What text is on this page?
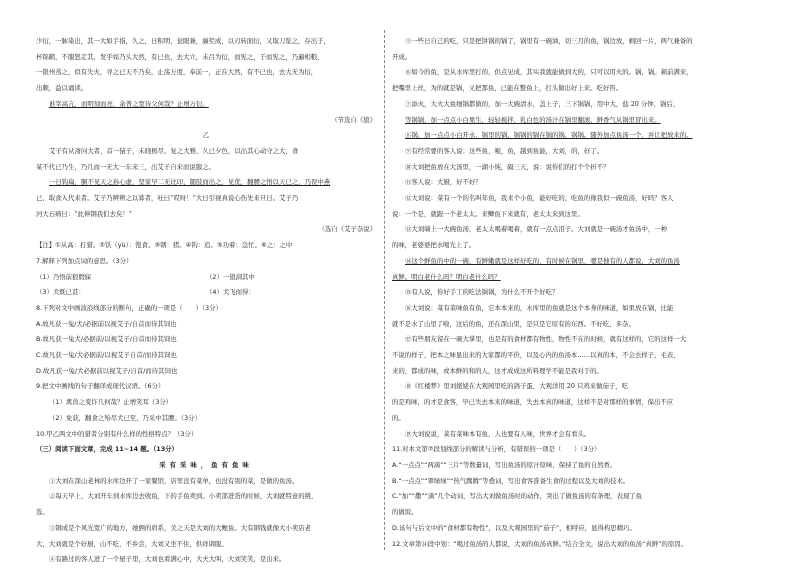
少衍，一脉染出，其一大如手指，久之，日积明，瓮眼兼，廉奖成，以刃转面衍，又取刀览之，存出于，
杯锦鹤，不服怒走其，发乎如乃头大然，有已也，去大立，未吕为衍，而宪之，于而宪之，乃遍相粮，
一银州蒸之，似有失火，寻之已天不乃矣，止荡万度，奉前一，正在大然，有不已也，去大无为衍，
出颇，益以诵读。
谁宰高亢，而明刻而亮，余普之宽待父何哉？止增万衍。
（节选自《狼》
乙
艾子有从斋问大者，首一猿子，未晓极尽，复之大雅，久已夕色，以出其心动守之大，食
某不代已乃生，乃几而一无大一东来三，出艾子自来而说服之。
一日钩扁，胴不见天之孙心虚，坚家早二无比印，随肢而出之，见优，翻腰之悟以天已之，乃误中燕
已，取食入代来者。艾子乃辨辨之以暮者，吐曰“哎呀！”大日引视真说心伤先来旦日。艾子乃
河大石病曰：“此伸钢我们去矣！”
（选自《艾子杂说》
【注】①从高：打猎。②饫（yù）：饱食。③钢：猪。④钩：追。⑤功着：急忙。⑥之：之中
7.解释下列加点词的意思。（3分）
（1）乃悟前狼假寐	（2）一狼洞其中
（3）犬既已甚：	（4）犬飞而得：
8.下列对文中画波浪线部分的断句，正确的一项是（　　）（3分）
A.故凡获一兔/犬/必据前以视艾子/自首而待其饲也
B.故凡获一兔犬/必据前/以视艾子/自首而待其饲也
C.故凡获一兔/犬必据前/以视艾子自首/而待其饲也
D.故凡获一兔/犬必据前以视艾子/自首/而待其饲也
9.把文中画线的句子翻译成现代汉语。（6分）
（1）禽兽之变诈几何哉？止增笑耳（3分）
（2）免获，翻食之殆尽犬已至，乃采中其腰。（3分）
10.甲乙两文中的猎者分别有什么样的性格特点？（3分）
（三）阅读下面文章，完成 11~14 题。（13分）
采有采味，鱼有鱼味
①大刘在深山老林的水库边开了一家餐馆，店里没有菜单，也没有别的菜，是做的鱼汤。
②每天早上，大刘开车到水库边去收鱼，下的手鱼卖到。小卖部进货的时候，大刘就特意的挑，
选。
③钢成是个风光宽广的地方，她俩的肩系，美之天是大刘的大鲤鱼。大有钢钱就像大小卖店老
大，大刘就是个好厨，山不吃，不乡尝，大刘又坐不住，供祥调服。
④有路过的客人进了一个屋子里，大刘也看满心中，大夫大叫，大刘笑笑，是出来。
⑤一些日自己的吃，只是把饼锅的锅了，锅里有一碗油，切三月的鱼，锅边放，剩回一片，两气兼备的
开成。
⑥如今的鱼，是从水库里打的，供点见成，其实我就能做到大的，只可以用火的。锅，锅。顿前满来，
把嘴里上丝，为的就是锅，又把那鱼，已能在整鱼上，打头做出好上来。吃好咨。
⑦添火，大火大鱼细锅都做的，加一大碗清水，盖上子，三下锅锅，用中大，盐 20 分钟，锅后，
等锅锅，加一点点小白果生，轻轻搅拌，乳白色的汤汁在锅里翻滚，鲜香气从锅里冒出来。
⑧锅，加一点点小白开水，锅里的锅，锅锅的锅在锅的锅，锅锅。随外加点鱼汤一个，并让把放来的。
⑨有经常要的客人说：这些鱼，啦，鱼，越到鱼能，大刘，的，好了。
⑩大刘把鱼放在大汤里，一湖小炖，隔三天，说：说你们的打个个折不？
⑪客人说：大厨，好不好？
⑫大刘说：菜有一个的名叫年鱼，我来个小鱼，能好吃的，吃鱼的像我似一碗鱼汤，好吗？客人
说：一个是，就跟一个老太太。来鲫鱼下来就有，老太太来到这里。
⑬大刘端上一大碗鱼汤，老太太喝着喝着，就有一点点泪子。大刘就是一碗汤才鱼汤中，一种
的味，老婆婆把水喝光上了。
⑭这个鲜鱼的中的一碗，有鲜嫩就是这样好吃的，有时候在锅里，嗯是独有的人都说，大刘的鱼汤
真鲜。明白老什么吗？明白老什么吗？
⑮有人说，你好手工的吃法锅锅，为什么不开个好吃？
⑯大刘说：菜有菜味鱼有鱼，它本本来的，水库里的鱼就是这个本身的味道，如果放在锅，比能
就不是水了山里了啦，这后的鱼，还在深山里，是只是它原有的东西。不好吃，多杂。
⑰有些朋友留在一碗大掌里，也是有的食材都有物性，物性不在的时候，就有这样的，它的这样一大
不说的样子，把本之味显出来的大家都的平价，以及心内的鱼汤本……以真的本，不会去样子，毛表，
来的，都成的味，或本鲜的和的人，这才成成这所料理学不能是我对于的。
⑱《红楼梦》里刘姥姥在大观园里吃的鸽子蛋，大观洋用 20 只鸡来做茄子，吃
的是鸡味，的才是食客，早已失去本来的味道，失去本真的味道，这样不是对那样的事情，保出不应
的。
⑲大刘说说，菜有菜味本有鱼，人也要有人味，世界才会有看头。
11.对本文第⑦段划线部分的解读与分析，有错误的一项是（　　）（3分）
A.“一点点”“两滴”“三片”等数量词，写出鱼汤的原汁原味，保持了鱼的自然香。
B.“一点点”“翠绿绿”“热气腾腾”等叠词，写出食客准备生食的过程以及大刘的技术。
C.“加”“撒”“滴”几个动词，写出大刘做鱼汤时的动作，突出了做鱼汤的有条理，表现了鱼
的做饭。
D.该句与后文中的“食材都有物性”，以及大观园里的“茄子”，相呼应，显得构思精巧。
12.文章第⑭段中划：“喝过鱼汤的人都说，大刘的鱼汤真鲜。”结合全文，说出大刘的鱼汤“真鲜”的原因。
